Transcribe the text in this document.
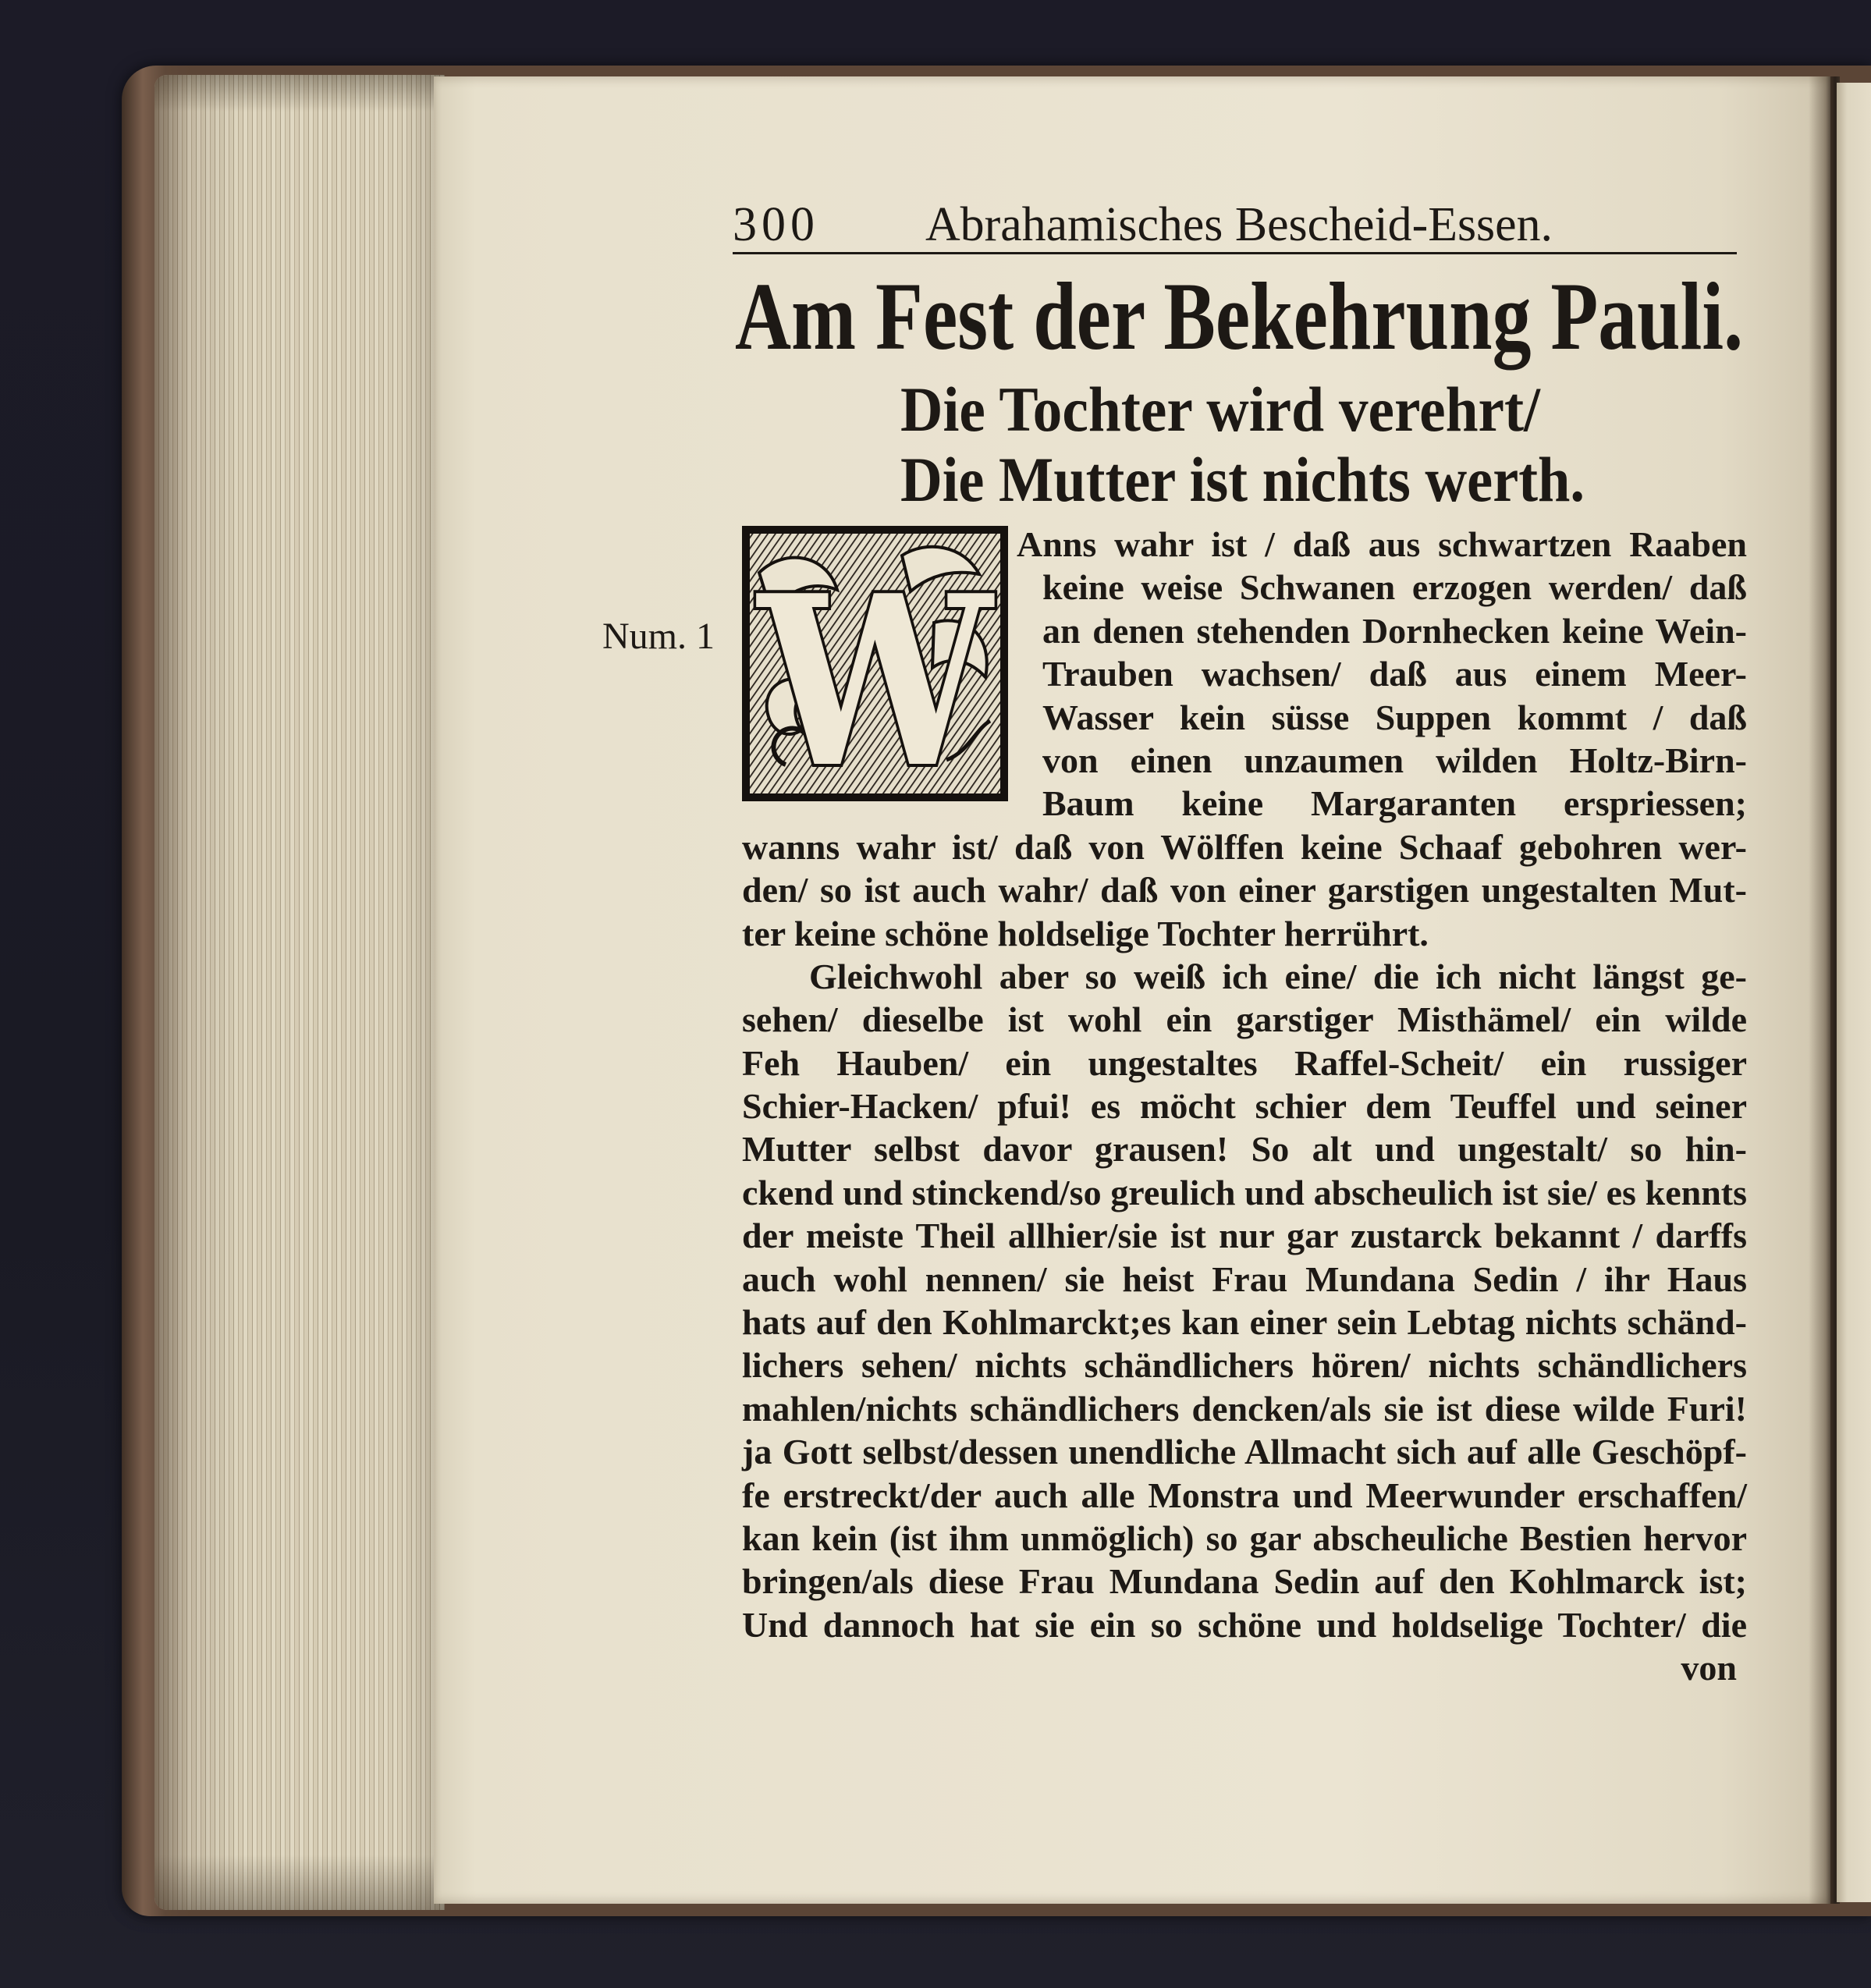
300 Abrahamisches Bescheid-Essen.
Am Fest der Bekehrung Pauli.
Die Tochter wird verehrt/
Die Mutter ist nichts werth.
Num. 1 W Anns wahr ist / daß aus schwartzen Raaben
keine weise Schwanen erzogen werden/ daß
an denen stehenden Dornhecken keine Wein-
Trauben wachsen/ daß aus einem Meer-
Wasser kein süsse Suppen kommt / daß
von einen unzaumen wilden Holtz-Birn-
Baum keine Margaranten erspriessen;
wanns wahr ist/ daß von Wölffen keine Schaaf gebohren wer-
den/ so ist auch wahr/ daß von einer garstigen ungestalten Mut-
ter keine schöne holdselige Tochter herrührt.
Gleichwohl aber so weiß ich eine/ die ich nicht längst ge-
sehen/ dieselbe ist wohl ein garstiger Misthämel/ ein wilde
Feh Hauben/ ein ungestaltes Raffel-Scheit/ ein russiger
Schier-Hacken/ pfui! es möcht schier dem Teuffel und seiner
Mutter selbst davor grausen! So alt und ungestalt/ so hin-
ckend und stinckend/so greulich und abscheulich ist sie/ es kennts
der meiste Theil allhier/sie ist nur gar zustarck bekannt / darffs
auch wohl nennen/ sie heist Frau Mundana Sedin / ihr Haus
hats auf den Kohlmarckt;es kan einer sein Lebtag nichts schänd-
lichers sehen/ nichts schändlichers hören/ nichts schändlichers
mahlen/nichts schändlichers dencken/als sie ist diese wilde Furi!
ja Gott selbst/dessen unendliche Allmacht sich auf alle Geschöpf-
fe erstreckt/der auch alle Monstra und Meerwunder erschaffen/
kan kein (ist ihm unmöglich) so gar abscheuliche Bestien hervor
bringen/als diese Frau Mundana Sedin auf den Kohlmarck ist;
Und dannoch hat sie ein so schöne und holdselige Tochter/ die
von
